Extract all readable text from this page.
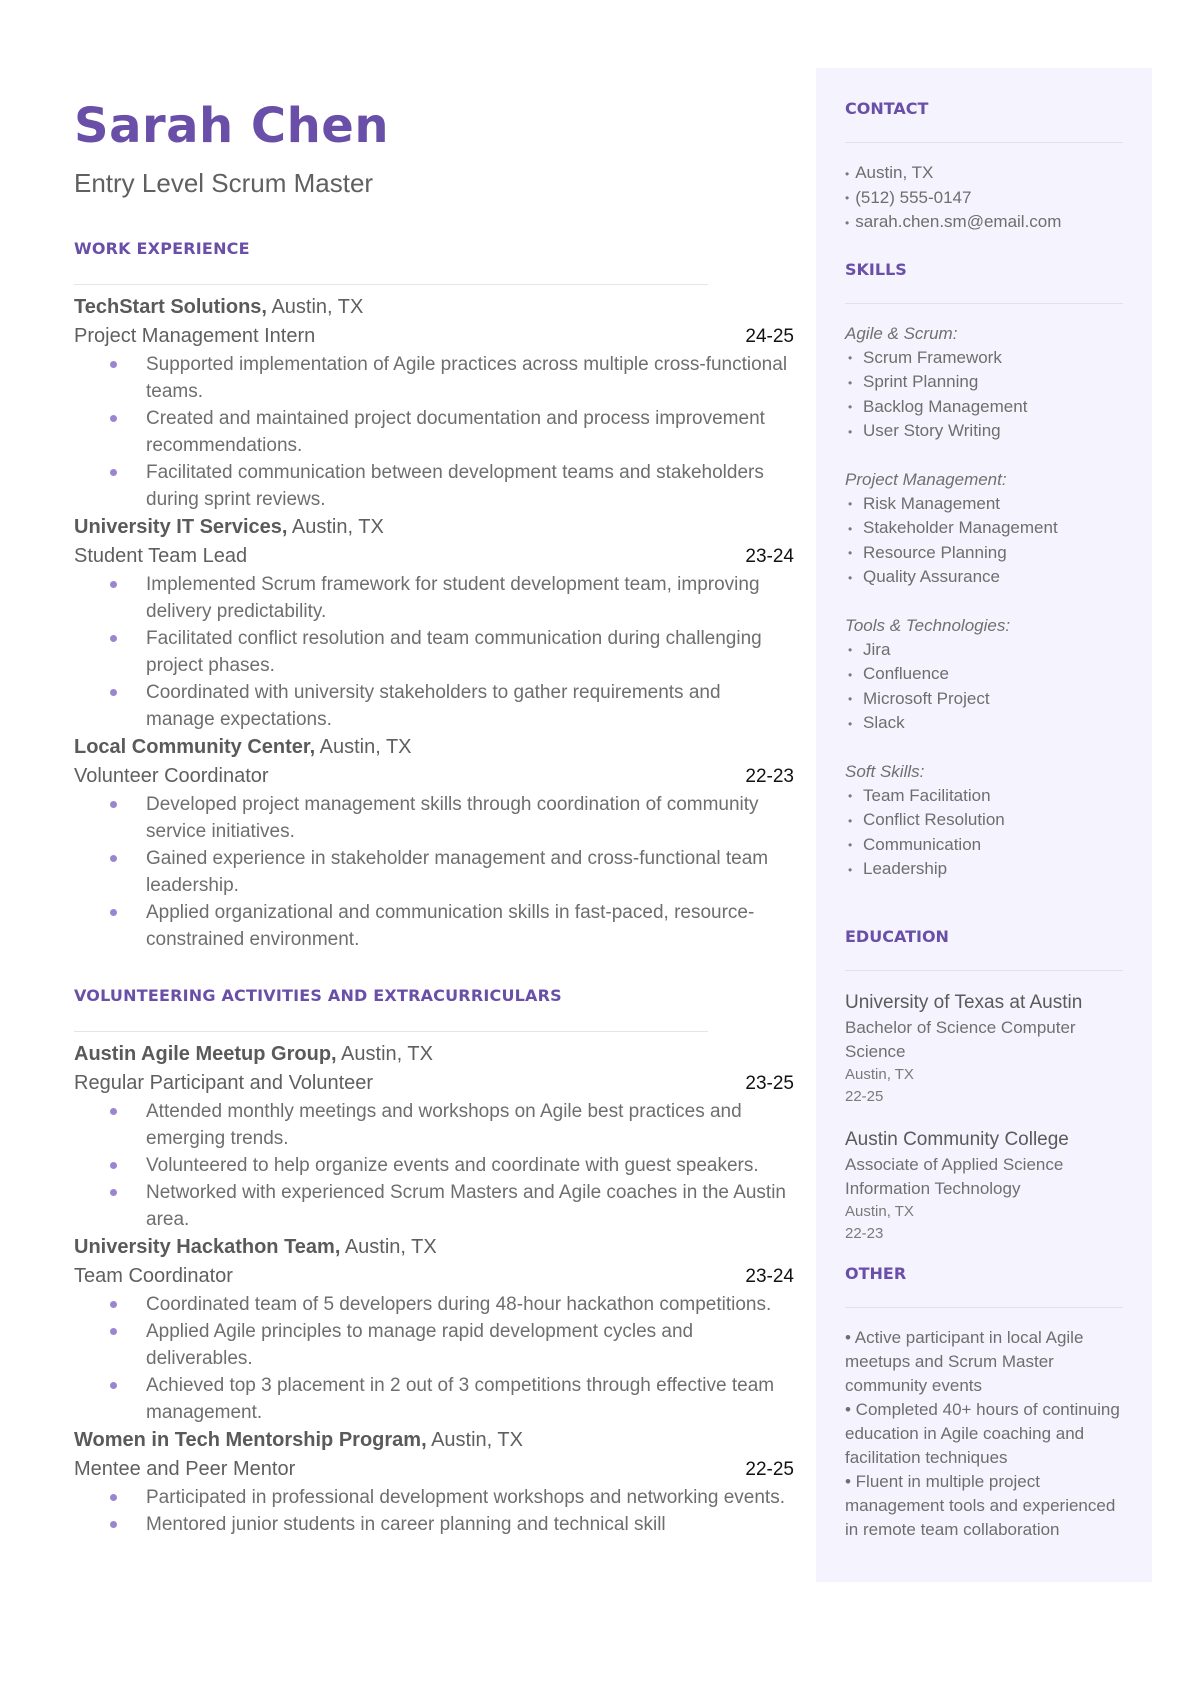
Sarah Chen
Entry Level Scrum Master
WORK EXPERIENCE
TechStart Solutions, Austin, TX
Project Management Intern	24-25
Supported implementation of Agile practices across multiple cross-functional teams.
Created and maintained project documentation and process improvement recommendations.
Facilitated communication between development teams and stakeholders during sprint reviews.
University IT Services, Austin, TX
Student Team Lead	23-24
Implemented Scrum framework for student development team, improving delivery predictability.
Facilitated conflict resolution and team communication during challenging project phases.
Coordinated with university stakeholders to gather requirements and manage expectations.
Local Community Center, Austin, TX
Volunteer Coordinator	22-23
Developed project management skills through coordination of community service initiatives.
Gained experience in stakeholder management and cross-functional team leadership.
Applied organizational and communication skills in fast-paced, resource-constrained environment.
VOLUNTEERING ACTIVITIES AND EXTRACURRICULARS
Austin Agile Meetup Group, Austin, TX
Regular Participant and Volunteer	23-25
Attended monthly meetings and workshops on Agile best practices and emerging trends.
Volunteered to help organize events and coordinate with guest speakers.
Networked with experienced Scrum Masters and Agile coaches in the Austin area.
University Hackathon Team, Austin, TX
Team Coordinator	23-24
Coordinated team of 5 developers during 48-hour hackathon competitions.
Applied Agile principles to manage rapid development cycles and deliverables.
Achieved top 3 placement in 2 out of 3 competitions through effective team management.
Women in Tech Mentorship Program, Austin, TX
Mentee and Peer Mentor	22-25
Participated in professional development workshops and networking events.
Mentored junior students in career planning and technical skill
CONTACT
• Austin, TX
• (512) 555-0147
• sarah.chen.sm@email.com
SKILLS
Agile & Scrum:
• Scrum Framework
• Sprint Planning
• Backlog Management
• User Story Writing
Project Management:
• Risk Management
• Stakeholder Management
• Resource Planning
• Quality Assurance
Tools & Technologies:
• Jira
• Confluence
• Microsoft Project
• Slack
Soft Skills:
• Team Facilitation
• Conflict Resolution
• Communication
• Leadership
EDUCATION
University of Texas at Austin
Bachelor of Science Computer Science
Austin, TX
22-25
Austin Community College
Associate of Applied Science Information Technology
Austin, TX
22-23
OTHER
• Active participant in local Agile meetups and Scrum Master community events
• Completed 40+ hours of continuing education in Agile coaching and facilitation techniques
• Fluent in multiple project management tools and experienced in remote team collaboration
